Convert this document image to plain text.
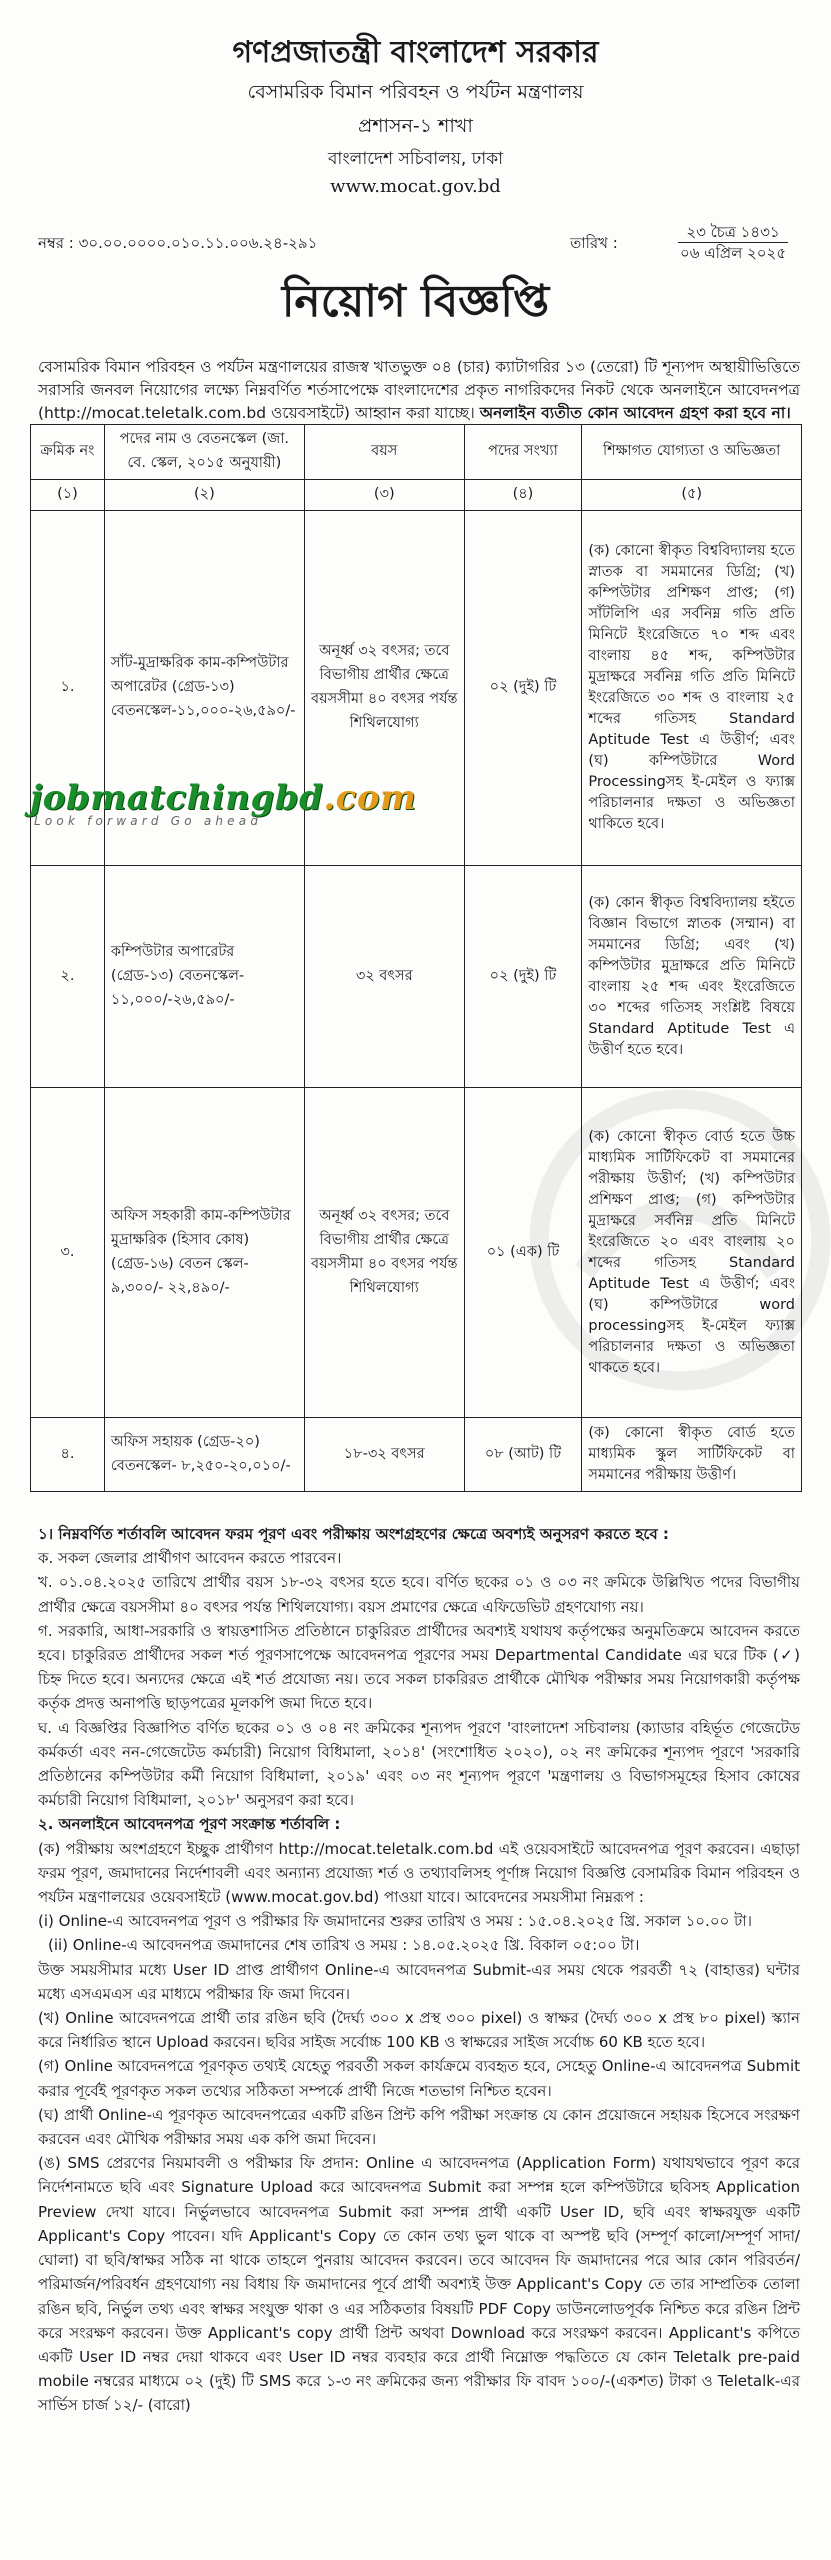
গণপ্রজাতন্ত্রী বাংলাদেশ সরকার
বেসামরিক বিমান পরিবহন ও পর্যটন মন্ত্রণালয়
প্রশাসন-১ শাখা
বাংলাদেশ সচিবালয়, ঢাকা
www.mocat.gov.bd
নম্বর : ৩০.০০.০০০০.০১০.১১.০০৬.২৪-২৯১	তারিখ :
২৩ চৈত্র ১৪৩১
০৬ এপ্রিল ২০২৫
নিয়োগ বিজ্ঞপ্তি
বেসামরিক বিমান পরিবহন ও পর্যটন মন্ত্রণালয়ের রাজস্ব খাতভুক্ত ০৪ (চার) ক্যাটাগরির ১৩ (তেরো) টি শূন্যপদ অস্থায়ীভিত্তিতে সরাসরি জনবল নিয়োগের লক্ষ্যে নিম্নবর্ণিত শর্তসাপেক্ষে বাংলাদেশের প্রকৃত নাগরিকদের নিকট থেকে অনলাইনে আবেদনপত্র (http://mocat.teletalk.com.bd ওয়েবসাইটে) আহ্বান করা যাচ্ছে। অনলাইন ব্যতীত কোন আবেদন গ্রহণ করা হবে না।
ক্রমিক নং	পদের নাম ও বেতনস্কেল (জা. বে. স্কেল, ২০১৫ অনুযায়ী)	বয়স	পদের সংখ্যা	শিক্ষাগত যোগ্যতা ও অভিজ্ঞতা
(১)	(২)	(৩)	(৪)	(৫)
১.	সাঁট-মুদ্রাক্ষরিক কাম-কম্পিউটার অপারেটর (গ্রেড-১৩) বেতনস্কেল-১১,০০০-২৬,৫৯০/-	অনূর্ধ্ব ৩২ বৎসর; তবে বিভাগীয় প্রার্থীর ক্ষেত্রে বয়সসীমা ৪০ বৎসর পর্যন্ত শিথিলযোগ্য	০২ (দুই) টি	(ক) কোনো স্বীকৃত বিশ্ববিদ্যালয় হতে স্নাতক বা সমমানের ডিগ্রি; (খ) কম্পিউটার প্রশিক্ষণ প্রাপ্ত; (গ) সাঁটলিপি এর সর্বনিম্ন গতি প্রতি মিনিটে ইংরেজিতে ৭০ শব্দ এবং বাংলায় ৪৫ শব্দ, কম্পিউটার মুদ্রাক্ষরে সর্বনিম্ন গতি প্রতি মিনিটে ইংরেজিতে ৩০ শব্দ ও বাংলায় ২৫ শব্দের গতিসহ Standard Aptitude Test এ উত্তীর্ণ; এবং (ঘ) কম্পিউটারে Word Processingসহ ই-মেইল ও ফ্যাক্স পরিচালনার দক্ষতা ও অভিজ্ঞতা থাকিতে হবে।
২.	কম্পিউটার অপারেটর (গ্রেড-১৩) বেতনস্কেল- ১১,০০০/-২৬,৫৯০/-	৩২ বৎসর	০২ (দুই) টি	(ক) কোন স্বীকৃত বিশ্ববিদ্যালয় হইতে বিজ্ঞান বিভাগে স্নাতক (সম্মান) বা সমমানের ডিগ্রি; এবং (খ) কম্পিউটার মুদ্রাক্ষরে প্রতি মিনিটে বাংলায় ২৫ শব্দ এবং ইংরেজিতে ৩০ শব্দের গতিসহ সংশ্লিষ্ট বিষয়ে Standard Aptitude Test এ উত্তীর্ণ হতে হবে।
৩.	অফিস সহকারী কাম-কম্পিউটার মুদ্রাক্ষরিক (হিসাব কোষ) (গ্রেড-১৬) বেতন স্কেল- ৯,৩০০/- ২২,৪৯০/-	অনূর্ধ্ব ৩২ বৎসর; তবে বিভাগীয় প্রার্থীর ক্ষেত্রে বয়সসীমা ৪০ বৎসর পর্যন্ত শিথিলযোগ্য	০১ (এক) টি	(ক) কোনো স্বীকৃত বোর্ড হতে উচ্চ মাধ্যমিক সার্টিফিকেট বা সমমানের পরীক্ষায় উত্তীর্ণ; (খ) কম্পিউটার প্রশিক্ষণ প্রাপ্ত; (গ) কম্পিউটার মুদ্রাক্ষরে সর্বনিম্ন প্রতি মিনিটে ইংরেজিতে ২০ এবং বাংলায় ২০ শব্দের গতিসহ Standard Aptitude Test এ উত্তীর্ণ; এবং (ঘ) কম্পিউটারে word processingসহ ই-মেইল ফ্যাক্স পরিচালনার দক্ষতা ও অভিজ্ঞতা থাকতে হবে।
৪.	অফিস সহায়ক (গ্রেড-২০) বেতনস্কেল- ৮,২৫০-২০,০১০/-	১৮-৩২ বৎসর	০৮ (আট) টি	(ক) কোনো স্বীকৃত বোর্ড হতে মাধ্যমিক স্কুল সার্টিফিকেট বা সমমানের পরীক্ষায় উত্তীর্ণ।
jobmatchingbd.com
Look forward Go ahead

১। নিম্নবর্ণিত শর্তাবলি আবেদন ফরম পূরণ এবং পরীক্ষায় অংশগ্রহণের ক্ষেত্রে অবশ্যই অনুসরণ করতে হবে :

ক. সকল জেলার প্রার্থীগণ আবেদন করতে পারবেন।

খ. ০১.০৪.২০২৫ তারিখে প্রার্থীর বয়স ১৮-৩২ বৎসর হতে হবে। বর্ণিত ছকের ০১ ও ০৩ নং ক্রমিকে উল্লিখিত পদের বিভাগীয় প্রার্থীর ক্ষেত্রে বয়সসীমা ৪০ বৎসর পর্যন্ত শিথিলযোগ্য। বয়স প্রমাণের ক্ষেত্রে এফিডেভিট গ্রহণযোগ্য নয়।

গ. সরকারি, আধা-সরকারি ও স্বায়ত্তশাসিত প্রতিষ্ঠানে চাকুরিরত প্রার্থীদের অবশ্যই যথাযথ কর্তৃপক্ষের অনুমতিক্রমে আবেদন করতে হবে। চাকুরিরত প্রার্থীদের সকল শর্ত পূরণসাপেক্ষে আবেদনপত্র পূরণের সময় Departmental Candidate এর ঘরে টিক (✓) চিহ্ন দিতে হবে। অন্যদের ক্ষেত্রে এই শর্ত প্রযোজ্য নয়। তবে সকল চাকরিরত প্রার্থীকে মৌখিক পরীক্ষার সময় নিয়োগকারী কর্তৃপক্ষ কর্তৃক প্রদত্ত অনাপত্তি ছাড়পত্রের মূলকপি জমা দিতে হবে।

ঘ. এ বিজ্ঞপ্তির বিজ্ঞাপিত বর্ণিত ছকের ০১ ও ০৪ নং ক্রমিকের শূন্যপদ পূরণে 'বাংলাদেশ সচিবালয় (ক্যাডার বহির্ভূত গেজেটেড কর্মকর্তা এবং নন-গেজেটেড কর্মচারী) নিয়োগ বিধিমালা, ২০১৪' (সংশোধিত ২০২০), ০২ নং ক্রমিকের শূন্যপদ পূরণে 'সরকারি প্রতিষ্ঠানের কম্পিউটার কর্মী নিয়োগ বিধিমালা, ২০১৯' এবং ০৩ নং শূন্যপদ পূরণে 'মন্ত্রণালয় ও বিভাগসমূহের হিসাব কোষের কর্মচারী নিয়োগ বিধিমালা, ২০১৮' অনুসরণ করা হবে।

২. অনলাইনে আবেদনপত্র পূরণ সংক্রান্ত শর্তাবলি :

(ক) পরীক্ষায় অংশগ্রহণে ইচ্ছুক প্রার্থীগণ http://mocat.teletalk.com.bd এই ওয়েবসাইটে আবেদনপত্র পূরণ করবেন। এছাড়া ফরম পূরণ, জমাদানের নির্দেশাবলী এবং অন্যান্য প্রযোজ্য শর্ত ও তথ্যাবলিসহ পূর্ণাঙ্গ নিয়োগ বিজ্ঞপ্তি বেসামরিক বিমান পরিবহন ও পর্যটন মন্ত্রণালয়ের ওয়েবসাইটে (www.mocat.gov.bd) পাওয়া যাবে। আবেদনের সময়সীমা নিম্নরূপ :

(i) Online-এ আবেদনপত্র পূরণ ও পরীক্ষার ফি জমাদানের শুরুর তারিখ ও সময় : ১৫.০৪.২০২৫ খ্রি. সকাল ১০.০০ টা।

(ii) Online-এ আবেদনপত্র জমাদানের শেষ তারিখ ও সময় : ১৪.০৫.২০২৫ খ্রি. বিকাল ০৫:০০ টা।

উক্ত সময়সীমার মধ্যে User ID প্রাপ্ত প্রার্থীগণ Online-এ আবেদনপত্র Submit-এর সময় থেকে পরবর্তী ৭২ (বাহাত্তর) ঘন্টার মধ্যে এসএমএস এর মাধ্যমে পরীক্ষার ফি জমা দিবেন।

(খ) Online আবেদনপত্রে প্রার্থী তার রঙিন ছবি (দৈর্ঘ্য ৩০০ x প্রস্থ ৩০০ pixel) ও স্বাক্ষর (দৈর্ঘ্য ৩০০ x প্রস্থ ৮০ pixel) স্ক্যান করে নির্ধারিত স্থানে Upload করবেন। ছবির সাইজ সর্বোচ্চ 100 KB ও স্বাক্ষরের সাইজ সর্বোচ্চ 60 KB হতে হবে।

(গ) Online আবেদনপত্রে পূরণকৃত তথ্যই যেহেতু পরবর্তী সকল কার্যক্রমে ব্যবহৃত হবে, সেহেতু Online-এ আবেদনপত্র Submit করার পূর্বেই পূরণকৃত সকল তথ্যের সঠিকতা সম্পর্কে প্রার্থী নিজে শতভাগ নিশ্চিত হবেন।

(ঘ) প্রার্থী Online-এ পূরণকৃত আবেদনপত্রের একটি রঙিন প্রিন্ট কপি পরীক্ষা সংক্রান্ত যে কোন প্রয়োজনে সহায়ক হিসেবে সংরক্ষণ করবেন এবং মৌখিক পরীক্ষার সময় এক কপি জমা দিবেন।

(ঙ) SMS প্রেরণের নিয়মাবলী ও পরীক্ষার ফি প্রদান: Online এ আবেদনপত্র (Application Form) যথাযথভাবে পূরণ করে নির্দেশনামতে ছবি এবং Signature Upload করে আবেদনপত্র Submit করা সম্পন্ন হলে কম্পিউটারে ছবিসহ Application Preview দেখা যাবে। নির্ভুলভাবে আবেদনপত্র Submit করা সম্পন্ন প্রার্থী একটি User ID, ছবি এবং স্বাক্ষরযুক্ত একটি Applicant's Copy পাবেন। যদি Applicant's Copy তে কোন তথ্য ভুল থাকে বা অস্পষ্ট ছবি (সম্পূর্ণ কালো/সম্পূর্ণ সাদা/ঘোলা) বা ছবি/স্বাক্ষর সঠিক না থাকে তাহলে পুনরায় আবেদন করবেন। তবে আবেদন ফি জমাদানের পরে আর কোন পরিবর্তন/পরিমার্জন/পরিবর্ধন গ্রহণযোগ্য নয় বিধায় ফি জমাদানের পূর্বে প্রার্থী অবশ্যই উক্ত Applicant's Copy তে তার সাম্প্রতিক তোলা রঙিন ছবি, নির্ভুল তথ্য এবং স্বাক্ষর সংযুক্ত থাকা ও এর সঠিকতার বিষয়টি PDF Copy ডাউনলোডপূর্বক নিশ্চিত করে রঙিন প্রিন্ট করে সংরক্ষণ করবেন। উক্ত Applicant's copy প্রার্থী প্রিন্ট অথবা Download করে সংরক্ষণ করবেন। Applicant's কপিতে একটি User ID নম্বর দেয়া থাকবে এবং User ID নম্বর ব্যবহার করে প্রার্থী নিম্নোক্ত পদ্ধতিতে যে কোন Teletalk pre-paid mobile নম্বরের মাধ্যমে ০২ (দুই) টি SMS করে ১-৩ নং ক্রমিকের জন্য পরীক্ষার ফি বাবদ ১০০/-(একশত) টাকা ও Teletalk-এর সার্ভিস চার্জ ১২/- (বারো)
